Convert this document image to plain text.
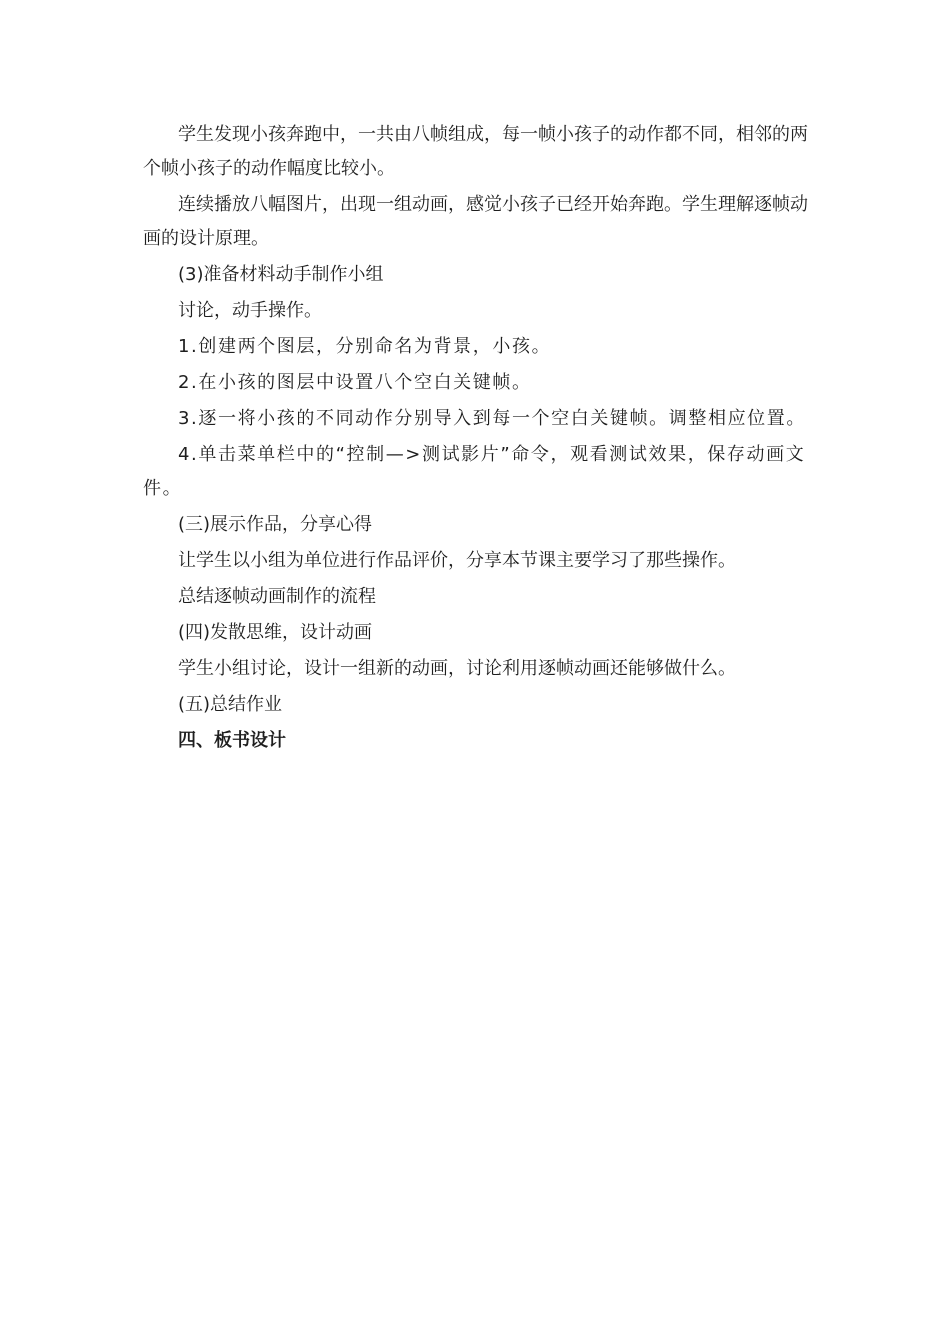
学生发现小孩奔跑中，一共由八帧组成，每一帧小孩子的动作都不同，相邻的两个帧小孩子的动作幅度比较小。

连续播放八幅图片，出现一组动画，感觉小孩子已经开始奔跑。学生理解逐帧动画的设计原理。

(3)准备材料动手制作小组

讨论，动手操作。

1.创建两个图层，分别命名为背景，小孩。

2.在小孩的图层中设置八个空白关键帧。

3.逐一将小孩的不同动作分别导入到每一个空白关键帧。调整相应位置。

4.单击菜单栏中的“控制—>测试影片”命令，观看测试效果，保存动画文件。

(三)展示作品，分享心得

让学生以小组为单位进行作品评价，分享本节课主要学习了那些操作。

总结逐帧动画制作的流程

(四)发散思维，设计动画

学生小组讨论，设计一组新的动画，讨论利用逐帧动画还能够做什么。

(五)总结作业

四、板书设计
